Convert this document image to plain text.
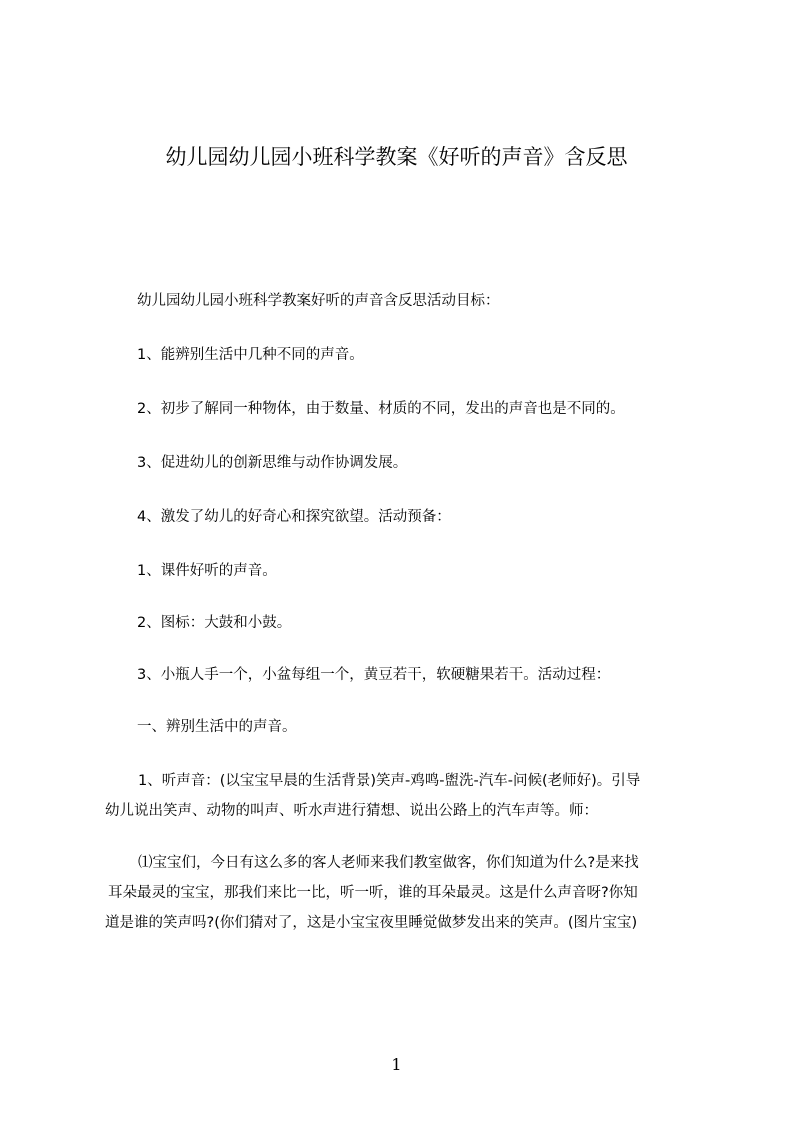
幼儿园幼儿园小班科学教案《好听的声音》含反思
幼儿园幼儿园小班科学教案好听的声音含反思活动目标：
1、能辨别生活中几种不同的声音。
2、初步了解同一种物体，由于数量、材质的不同，发出的声音也是不同的。
3、促进幼儿的创新思维与动作协调发展。
4、激发了幼儿的好奇心和探究欲望。活动预备：
1、课件好听的声音。
2、图标：大鼓和小鼓。
3、小瓶人手一个，小盆每组一个，黄豆若干，软硬糖果若干。活动过程：
一、辨别生活中的声音。
1、听声音：(以宝宝早晨的生活背景)笑声-鸡鸣-盥洗-汽车-问候(老师好)。引导
幼儿说出笑声、动物的叫声、听水声进行猜想、说出公路上的汽车声等。师：
⑴宝宝们，今日有这么多的客人老师来我们教室做客，你们知道为什么?是来找
耳朵最灵的宝宝，那我们来比一比，听一听，谁的耳朵最灵。这是什么声音呀?你知
道是谁的笑声吗?(你们猜对了，这是小宝宝夜里睡觉做梦发出来的笑声。(图片宝宝)
1
